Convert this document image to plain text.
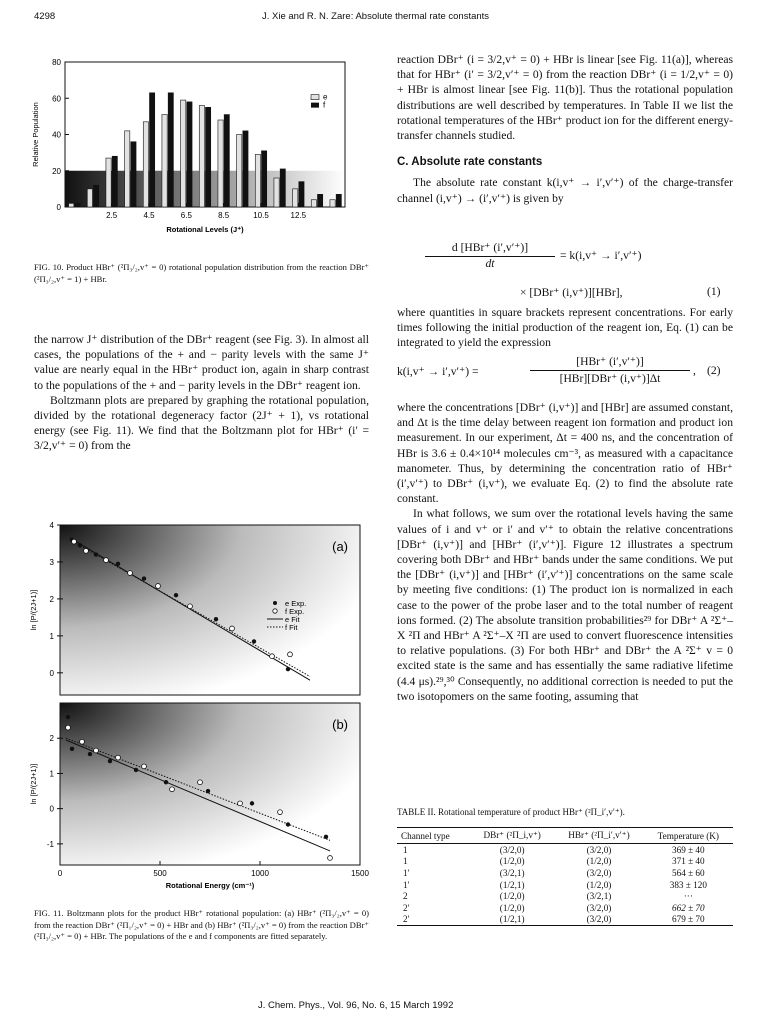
4298	J. Xie and R. N. Zare: Absolute thermal rate constants
0
20
40
60
80
2.5	4.5	6.5	8.5	10.5	12.5
e
f
Rotational Levels (J⁺)
Relative Population
FIG. 10. Product HBr⁺ (²Π₃/₂,v⁺ = 0) rotational population distribution from the reaction DBr⁺ (²Π₃/₂,v⁺ = 1) + HBr.

the narrow J⁺ distribution of the DBr⁺ reagent (see Fig. 3). In almost all cases, the populations of the + and − parity levels with the same J⁺ value are nearly equal in the HBr⁺ product ion, again in sharp contrast to the populations of the + and − parity levels in the DBr⁺ reagent ion.

Boltzmann plots are prepared by graphing the rotational population, divided by the rotational degeneracy factor (2J⁺ + 1), vs rotational energy (see Fig. 11). We find that the Boltzmann plot for HBr⁺ (i′ = 3/2,v′⁺ = 0) from the

0
1
2
3
4
ln [P/(2J+1)]
(a)
e Exp.
f Exp.
e Fit
f Fit
-1
0
1
2
ln [P/(2J+1)]
(b)
0	500	1000	1500
Rotational Energy (cm⁻¹)
FIG. 11. Boltzmann plots for the product HBr⁺ rotational population: (a) HBr⁺ (²Π₃/₂,v⁺ = 0) from the reaction DBr⁺ (²Π₁/₂,v⁺ = 0) + HBr and (b) HBr⁺ (²Π₃/₂,v⁺ = 0) from the reaction DBr⁺ (²Π₃/₂,v⁺ = 0) + HBr. The populations of the e and f components are fitted separately.

reaction DBr⁺ (i = 3/2,v⁺ = 0) + HBr is linear [see Fig. 11(a)], whereas that for HBr⁺ (i′ = 3/2,v′⁺ = 0) from the reaction DBr⁺ (i = 1/2,v⁺ = 0) + HBr is almost linear [see Fig. 11(b)]. Thus the rotational population distributions are well described by temperatures. In Table II we list the rotational temperatures of the HBr⁺ product ion for the different energy-transfer channels studied.

C. Absolute rate constants

The absolute rate constant k(i,v⁺ → i′,v′⁺) of the charge-transfer channel (i,v⁺) → (i′,v′⁺) is given by

d [HBr⁺ (i′,v′⁺)]
dt
= k(i,v⁺ → i′,v′⁺)
× [DBr⁺ (i,v⁺)][HBr],	(1)

where quantities in square brackets represent concentrations. For early times following the initial production of the reagent ion, Eq. (1) can be integrated to yield the expression

k(i,v⁺ → i′,v′⁺) =
[HBr⁺ (i′,v′⁺)]
[HBr][DBr⁺ (i,v⁺)]Δt
, (2)

where the concentrations [DBr⁺ (i,v⁺)] and [HBr] are assumed constant, and Δt is the time delay between reagent ion formation and product ion measurement. In our experiment, Δt = 400 ns, and the concentration of HBr is 3.6 ± 0.4×10¹⁴ molecules cm⁻³, as measured with a capacitance manometer. Thus, by determining the concentration ratio of HBr⁺ (i′,v′⁺) to DBr⁺ (i,v⁺), we evaluate Eq. (2) to find the absolute rate constant.

In what follows, we sum over the rotational levels having the same values of i and v⁺ or i′ and v′⁺ to obtain the relative concentrations [DBr⁺ (i,v⁺)] and [HBr⁺ (i′,v′⁺)]. Figure 12 illustrates a spectrum covering both DBr⁺ and HBr⁺ bands under the same conditions. We put the [DBr⁺ (i,v⁺)] and [HBr⁺ (i′,v′⁺)] concentrations on the same scale by meeting five conditions: (1) The product ion is normalized in each case to the power of the probe laser and to the total number of reagent ions formed. (2) The absolute transition probabilities²⁹ for DBr⁺ A ²Σ⁺–X ²Π and HBr⁺ A ²Σ⁺–X ²Π are used to convert fluorescence intensities to relative populations. (3) For both HBr⁺ and DBr⁺ the A ²Σ⁺ v = 0 excited state is the same and has essentially the same radiative lifetime (4.4 μs).²⁹,³⁰ Consequently, no additional correction is needed to put the two isotopomers on the same footing, assuming that

TABLE II. Rotational temperature of product HBr⁺ (²Π_i′,v′⁺).
Channel type	DBr⁺ (²Π_i,v⁺)	HBr⁺ (²Π_i′,v′⁺)	Temperature (K)
1	(3/2,0)	(3/2,0)	369 ± 40
1	(1/2,0)	(1/2,0)	371 ± 40
1′	(3/2,1)	(3/2,0)	564 ± 60
1′	(1/2,1)	(1/2,0)	383 ± 120
2	(1/2,0)	(3/2,1)	···
2′	(1/2,0)	(3/2,0)	662 ± 70
2′	(1/2,1)	(3/2,0)	679 ± 70
J. Chem. Phys., Vol. 96, No. 6, 15 March 1992
